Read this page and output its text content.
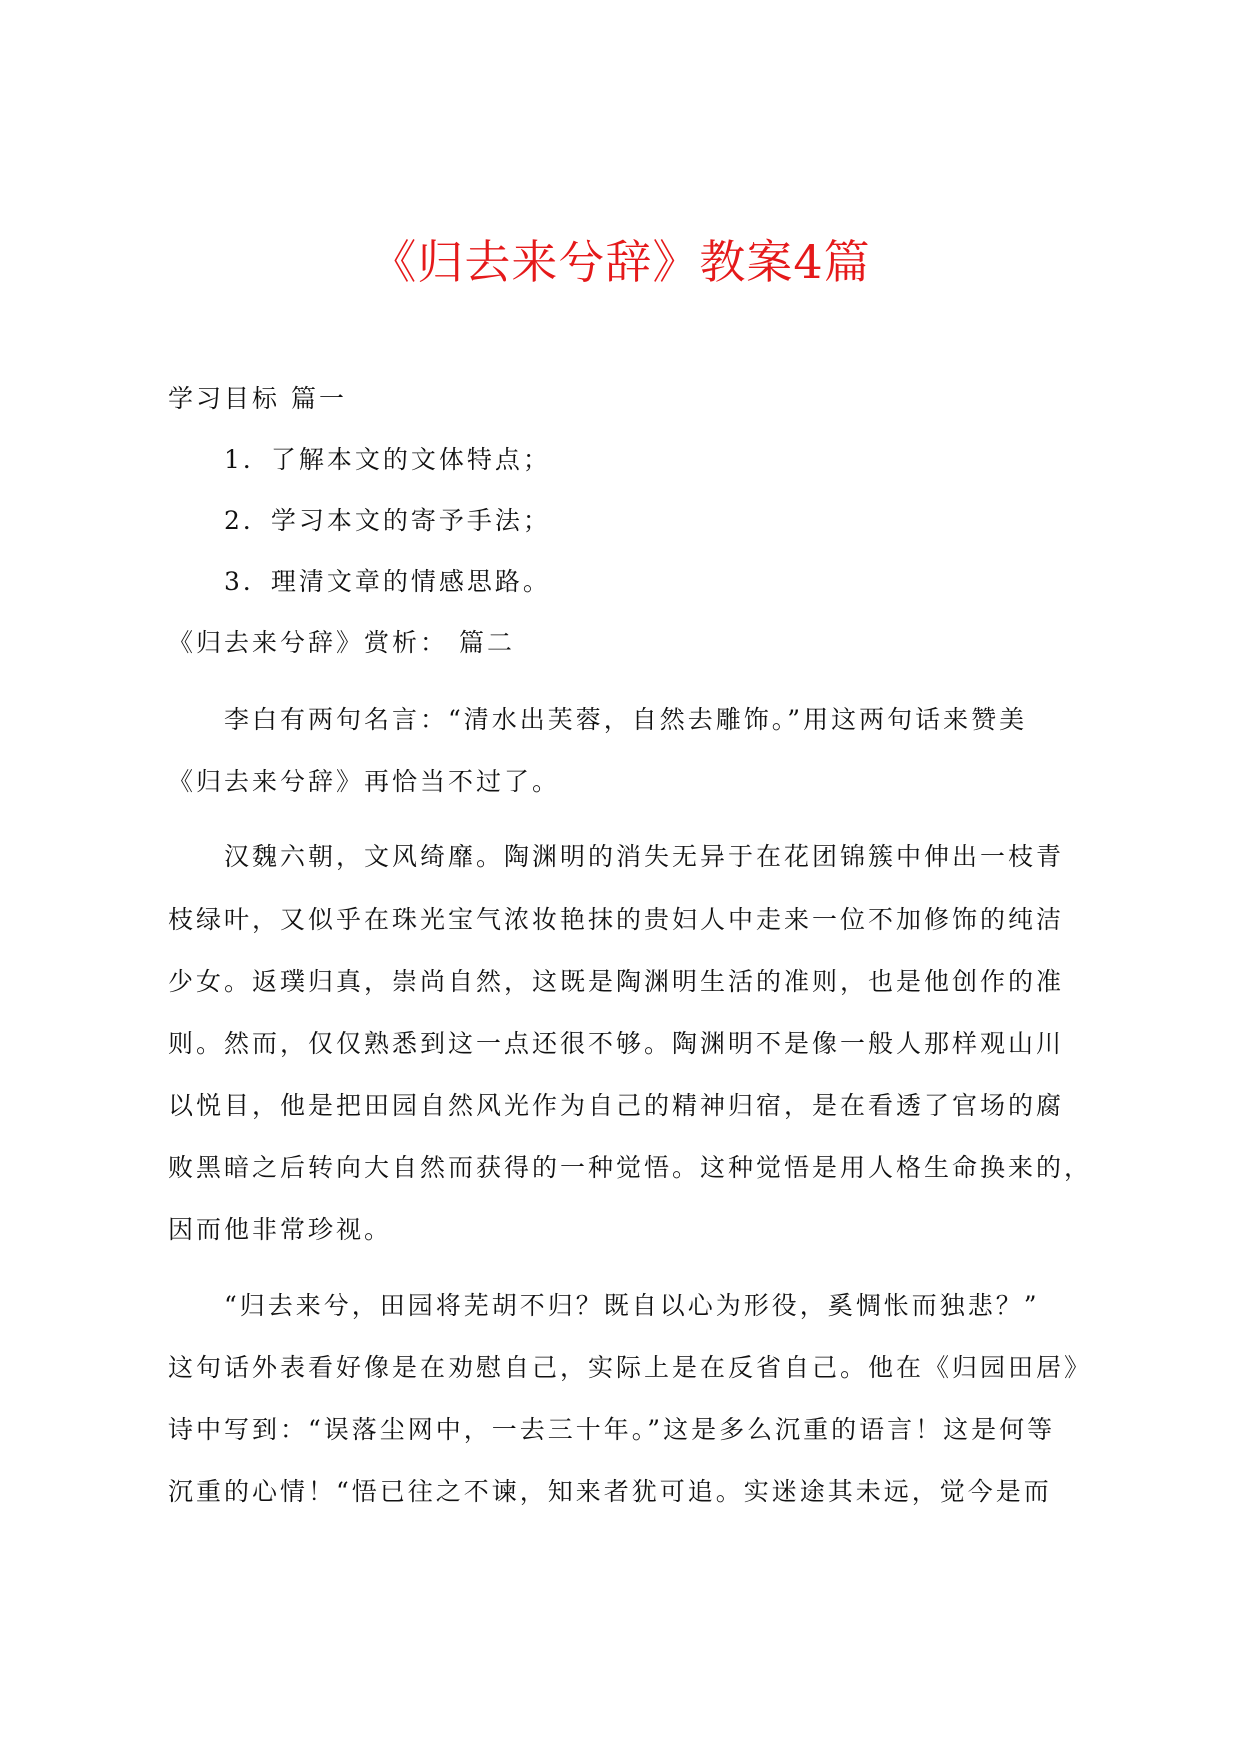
《归去来兮辞》教案4篇
学习目标 篇一
1．了解本文的文体特点；
2．学习本文的寄予手法；
3．理清文章的情感思路。
《归去来兮辞》赏析： 篇二
李白有两句名言：“清水出芙蓉，自然去雕饰。”用这两句话来赞美
《归去来兮辞》再恰当不过了。
汉魏六朝，文风绮靡。陶渊明的消失无异于在花团锦簇中伸出一枝青
枝绿叶，又似乎在珠光宝气浓妆艳抹的贵妇人中走来一位不加修饰的纯洁
少女。返璞归真，崇尚自然，这既是陶渊明生活的准则，也是他创作的准
则。然而，仅仅熟悉到这一点还很不够。陶渊明不是像一般人那样观山川
以悦目，他是把田园自然风光作为自己的精神归宿，是在看透了官场的腐
败黑暗之后转向大自然而获得的一种觉悟。这种觉悟是用人格生命换来的，
因而他非常珍视。
“归去来兮，田园将芜胡不归？既自以心为形役，奚惆怅而独悲？”
这句话外表看好像是在劝慰自己，实际上是在反省自己。他在《归园田居》
诗中写到：“误落尘网中，一去三十年。”这是多么沉重的语言！这是何等
沉重的心情！“悟已往之不谏，知来者犹可追。实迷途其未远，觉今是而
